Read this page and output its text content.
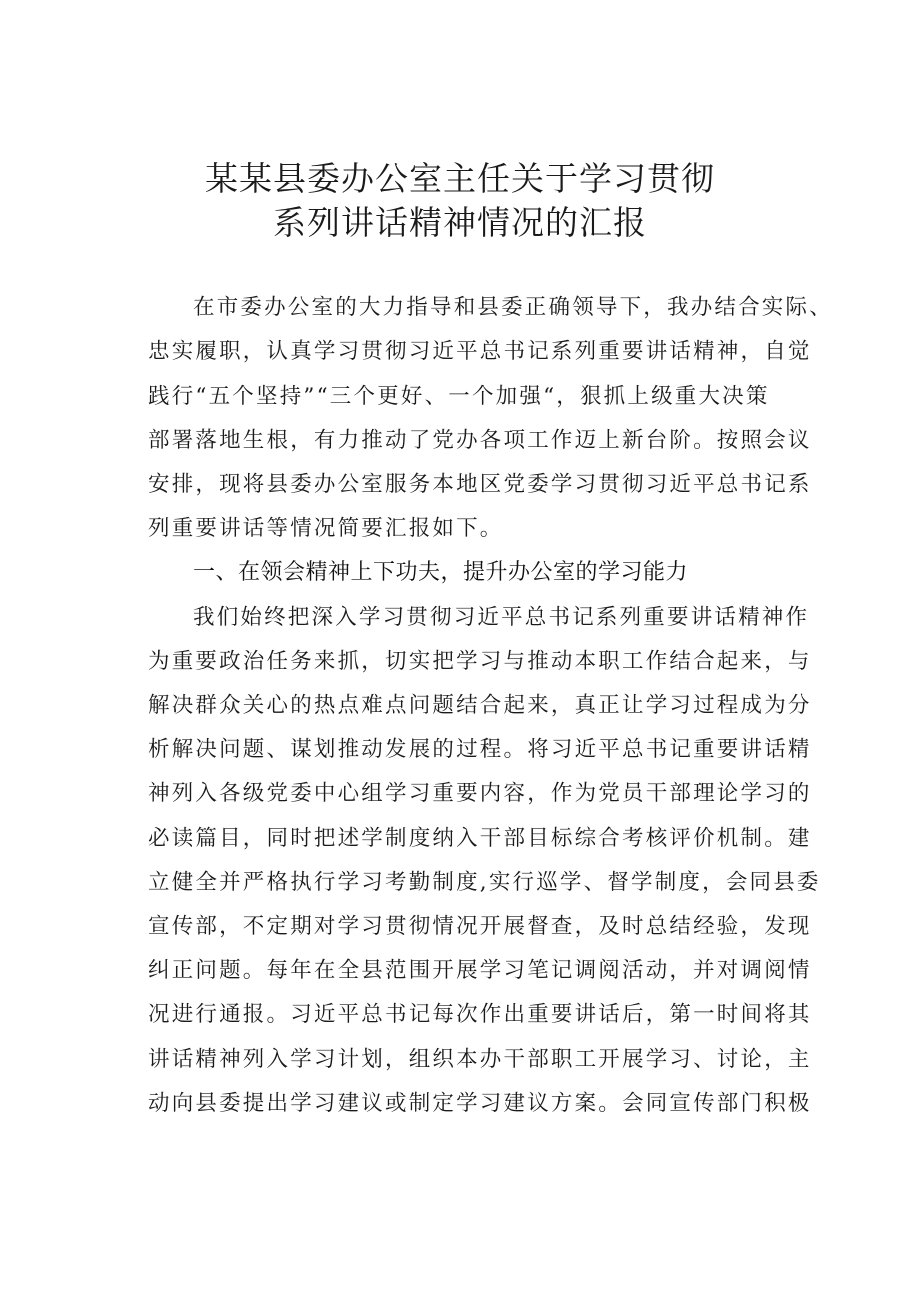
某某县委办公室主任关于学习贯彻
系列讲话精神情况的汇报
在市委办公室的大力指导和县委正确领导下，我办结合实际、
忠实履职，认真学习贯彻习近平总书记系列重要讲话精神，自觉
践行“五个坚持”“三个更好、一个加强“，狠抓上级重大决策
部署落地生根，有力推动了党办各项工作迈上新台阶。按照会议
安排，现将县委办公室服务本地区党委学习贯彻习近平总书记系
列重要讲话等情况简要汇报如下。
一、在领会精神上下功夫，提升办公室的学习能力
我们始终把深入学习贯彻习近平总书记系列重要讲话精神作
为重要政治任务来抓，切实把学习与推动本职工作结合起来，与
解决群众关心的热点难点问题结合起来，真正让学习过程成为分
析解决问题、谋划推动发展的过程。将习近平总书记重要讲话精
神列入各级党委中心组学习重要内容，作为党员干部理论学习的
必读篇目，同时把述学制度纳入干部目标综合考核评价机制。建
立健全并严格执行学习考勤制度,实行巡学、督学制度，会同县委
宣传部，不定期对学习贯彻情况开展督查，及时总结经验，发现
纠正问题。每年在全县范围开展学习笔记调阅活动，并对调阅情
况进行通报。习近平总书记每次作出重要讲话后，第一时间将其
讲话精神列入学习计划，组织本办干部职工开展学习、讨论，主
动向县委提出学习建议或制定学习建议方案。会同宣传部门积极
